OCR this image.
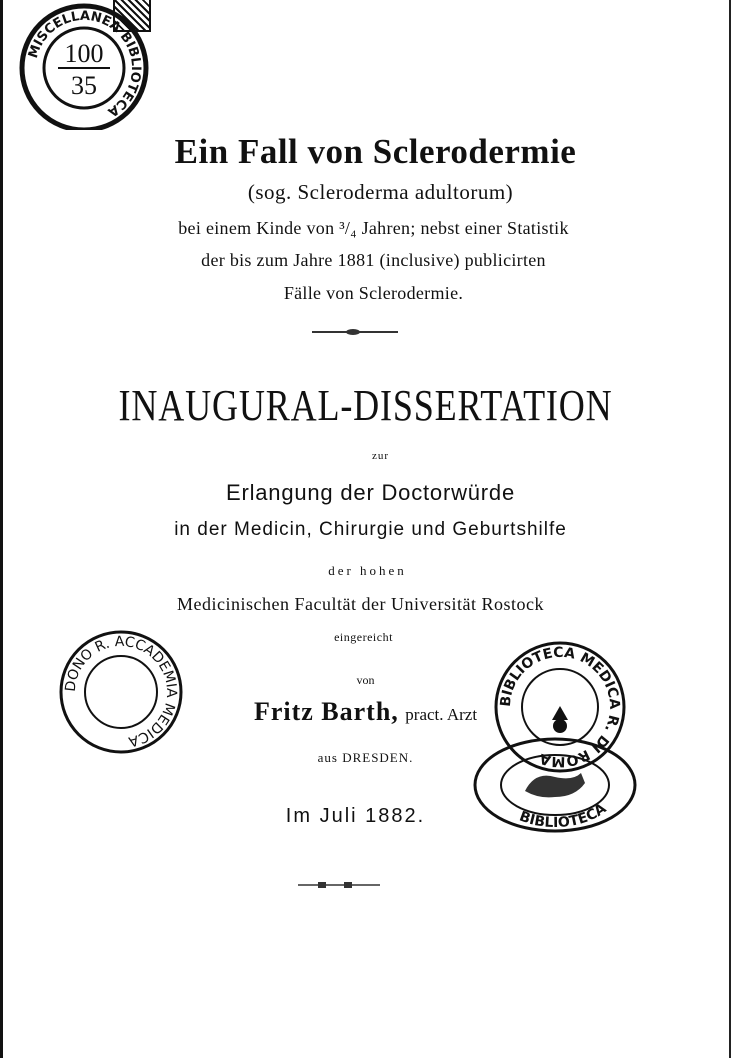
MISCELLANEA BIBLIOTECA
100
35
Ein Fall von Sclerodermie
(sog. Scleroderma adultorum)
bei einem Kinde von ³/₄ Jahren; nebst einer Statistik
der bis zum Jahre 1881 (inclusive) publicirten
Fälle von Sclerodermie.
INAUGURAL-DISSERTATION
zur
Erlangung der Doctorwürde
in der Medicin, Chirurgie und Geburtshilfe
der hohen
Medicinischen Facultät der Universität Rostock
eingereicht
von
Fritz Barth, pract. Arzt
aus DRESDEN.
Im Juli 1882.
DONO R. ACCADEMIA MEDICA
BIBLIOTECA MEDICA R. DI ROMA
BIBLIOTECA
